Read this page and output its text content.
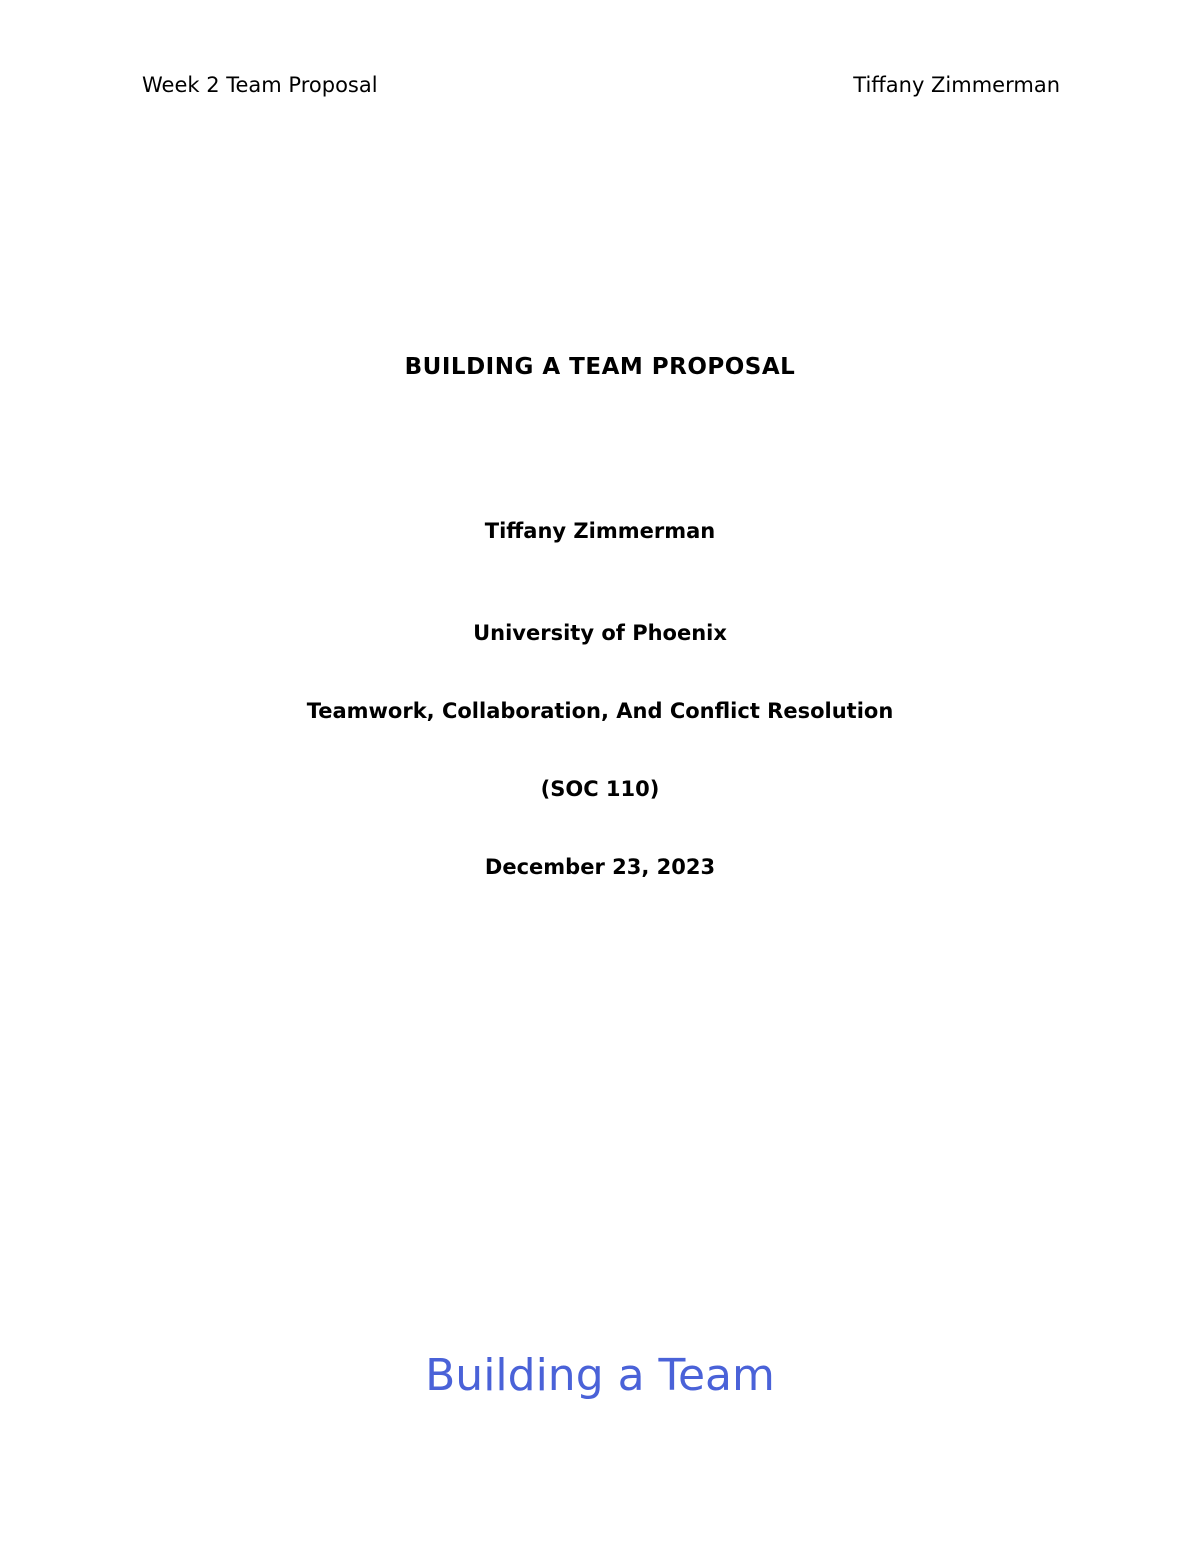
Week 2 Team Proposal	Tiffany Zimmerman
BUILDING A TEAM PROPOSAL
Tiffany Zimmerman
University of Phoenix
Teamwork, Collaboration, And Conflict Resolution
(SOC 110)
December 23, 2023
Building a Team
